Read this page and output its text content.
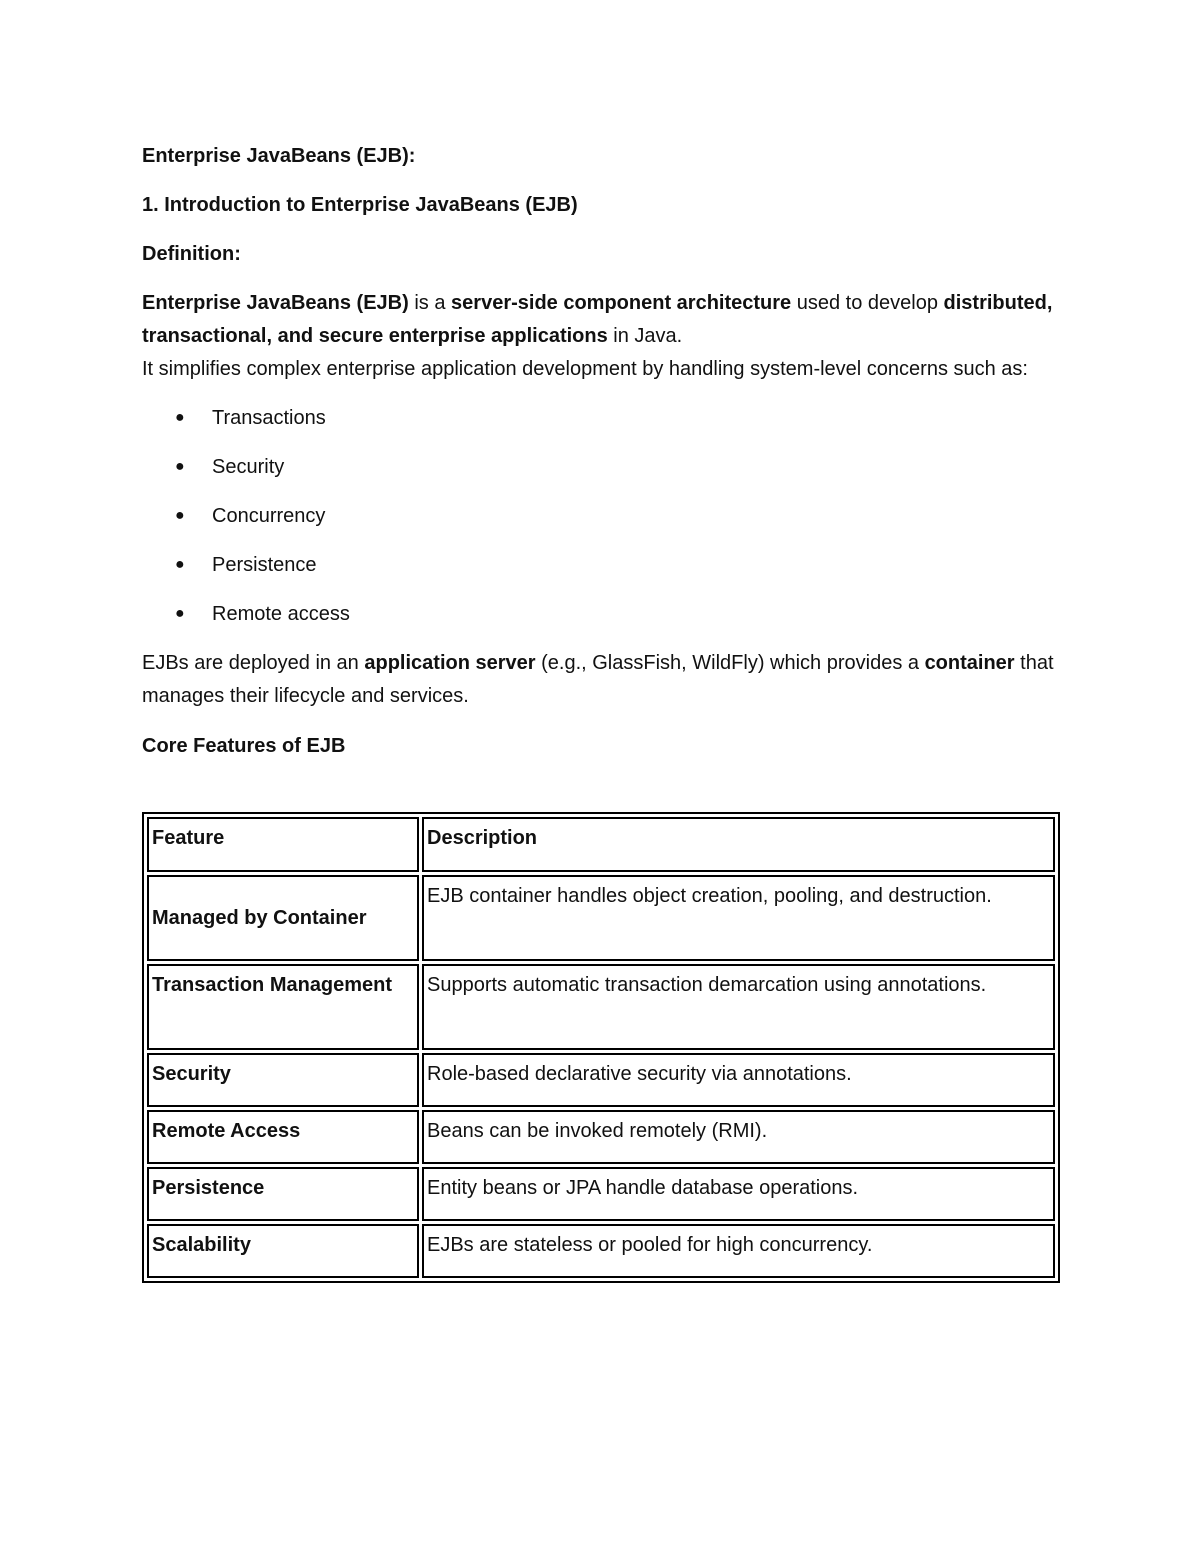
Enterprise JavaBeans (EJB):
1. Introduction to Enterprise JavaBeans (EJB)
Definition:
Enterprise JavaBeans (EJB) is a server-side component architecture used to develop distributed, transactional, and secure enterprise applications in Java.
It simplifies complex enterprise application development by handling system-level concerns such as:
● Transactions
● Security
● Concurrency
● Persistence
● Remote access
EJBs are deployed in an application server (e.g., GlassFish, WildFly) which provides a container that manages their lifecycle and services.
Core Features of EJB
Feature	Description
Managed by Container	EJB container handles object creation, pooling, and destruction.
Transaction Management	Supports automatic transaction demarcation using annotations.
Security	Role-based declarative security via annotations.
Remote Access	Beans can be invoked remotely (RMI).
Persistence	Entity beans or JPA handle database operations.
Scalability	EJBs are stateless or pooled for high concurrency.
